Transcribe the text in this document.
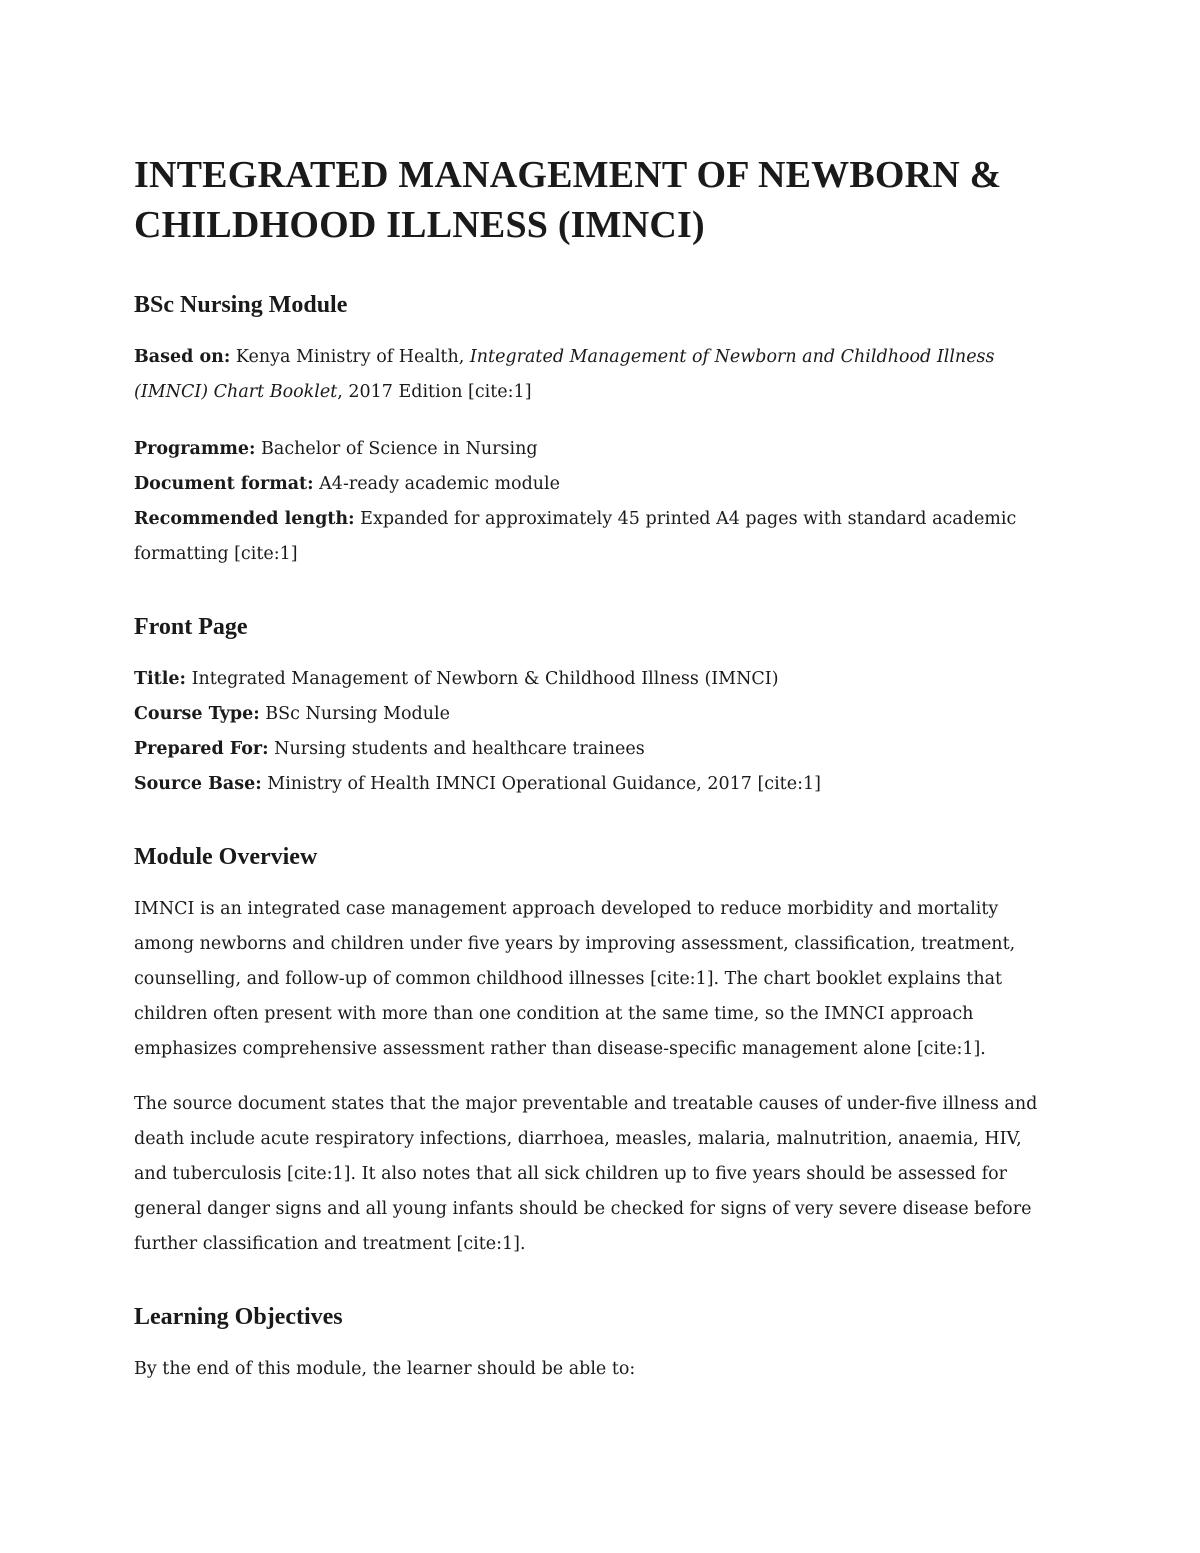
INTEGRATED MANAGEMENT OF NEWBORN & CHILDHOOD ILLNESS (IMNCI)
BSc Nursing Module

Based on: Kenya Ministry of Health, Integrated Management of Newborn and Childhood Illness (IMNCI) Chart Booklet, 2017 Edition [cite:1]

Programme: Bachelor of Science in Nursing

Document format: A4-ready academic module

Recommended length: Expanded for approximately 45 printed A4 pages with standard academic formatting [cite:1]

Front Page

Title: Integrated Management of Newborn & Childhood Illness (IMNCI)

Course Type: BSc Nursing Module

Prepared For: Nursing students and healthcare trainees

Source Base: Ministry of Health IMNCI Operational Guidance, 2017 [cite:1]

Module Overview

IMNCI is an integrated case management approach developed to reduce morbidity and mortality among newborns and children under five years by improving assessment, classification, treatment, counselling, and follow-up of common childhood illnesses [cite:1]. The chart booklet explains that children often present with more than one condition at the same time, so the IMNCI approach emphasizes comprehensive assessment rather than disease-specific management alone [cite:1].

The source document states that the major preventable and treatable causes of under-five illness and death include acute respiratory infections, diarrhoea, measles, malaria, malnutrition, anaemia, HIV, and tuberculosis [cite:1]. It also notes that all sick children up to five years should be assessed for general danger signs and all young infants should be checked for signs of very severe disease before further classification and treatment [cite:1].

Learning Objectives

By the end of this module, the learner should be able to:
